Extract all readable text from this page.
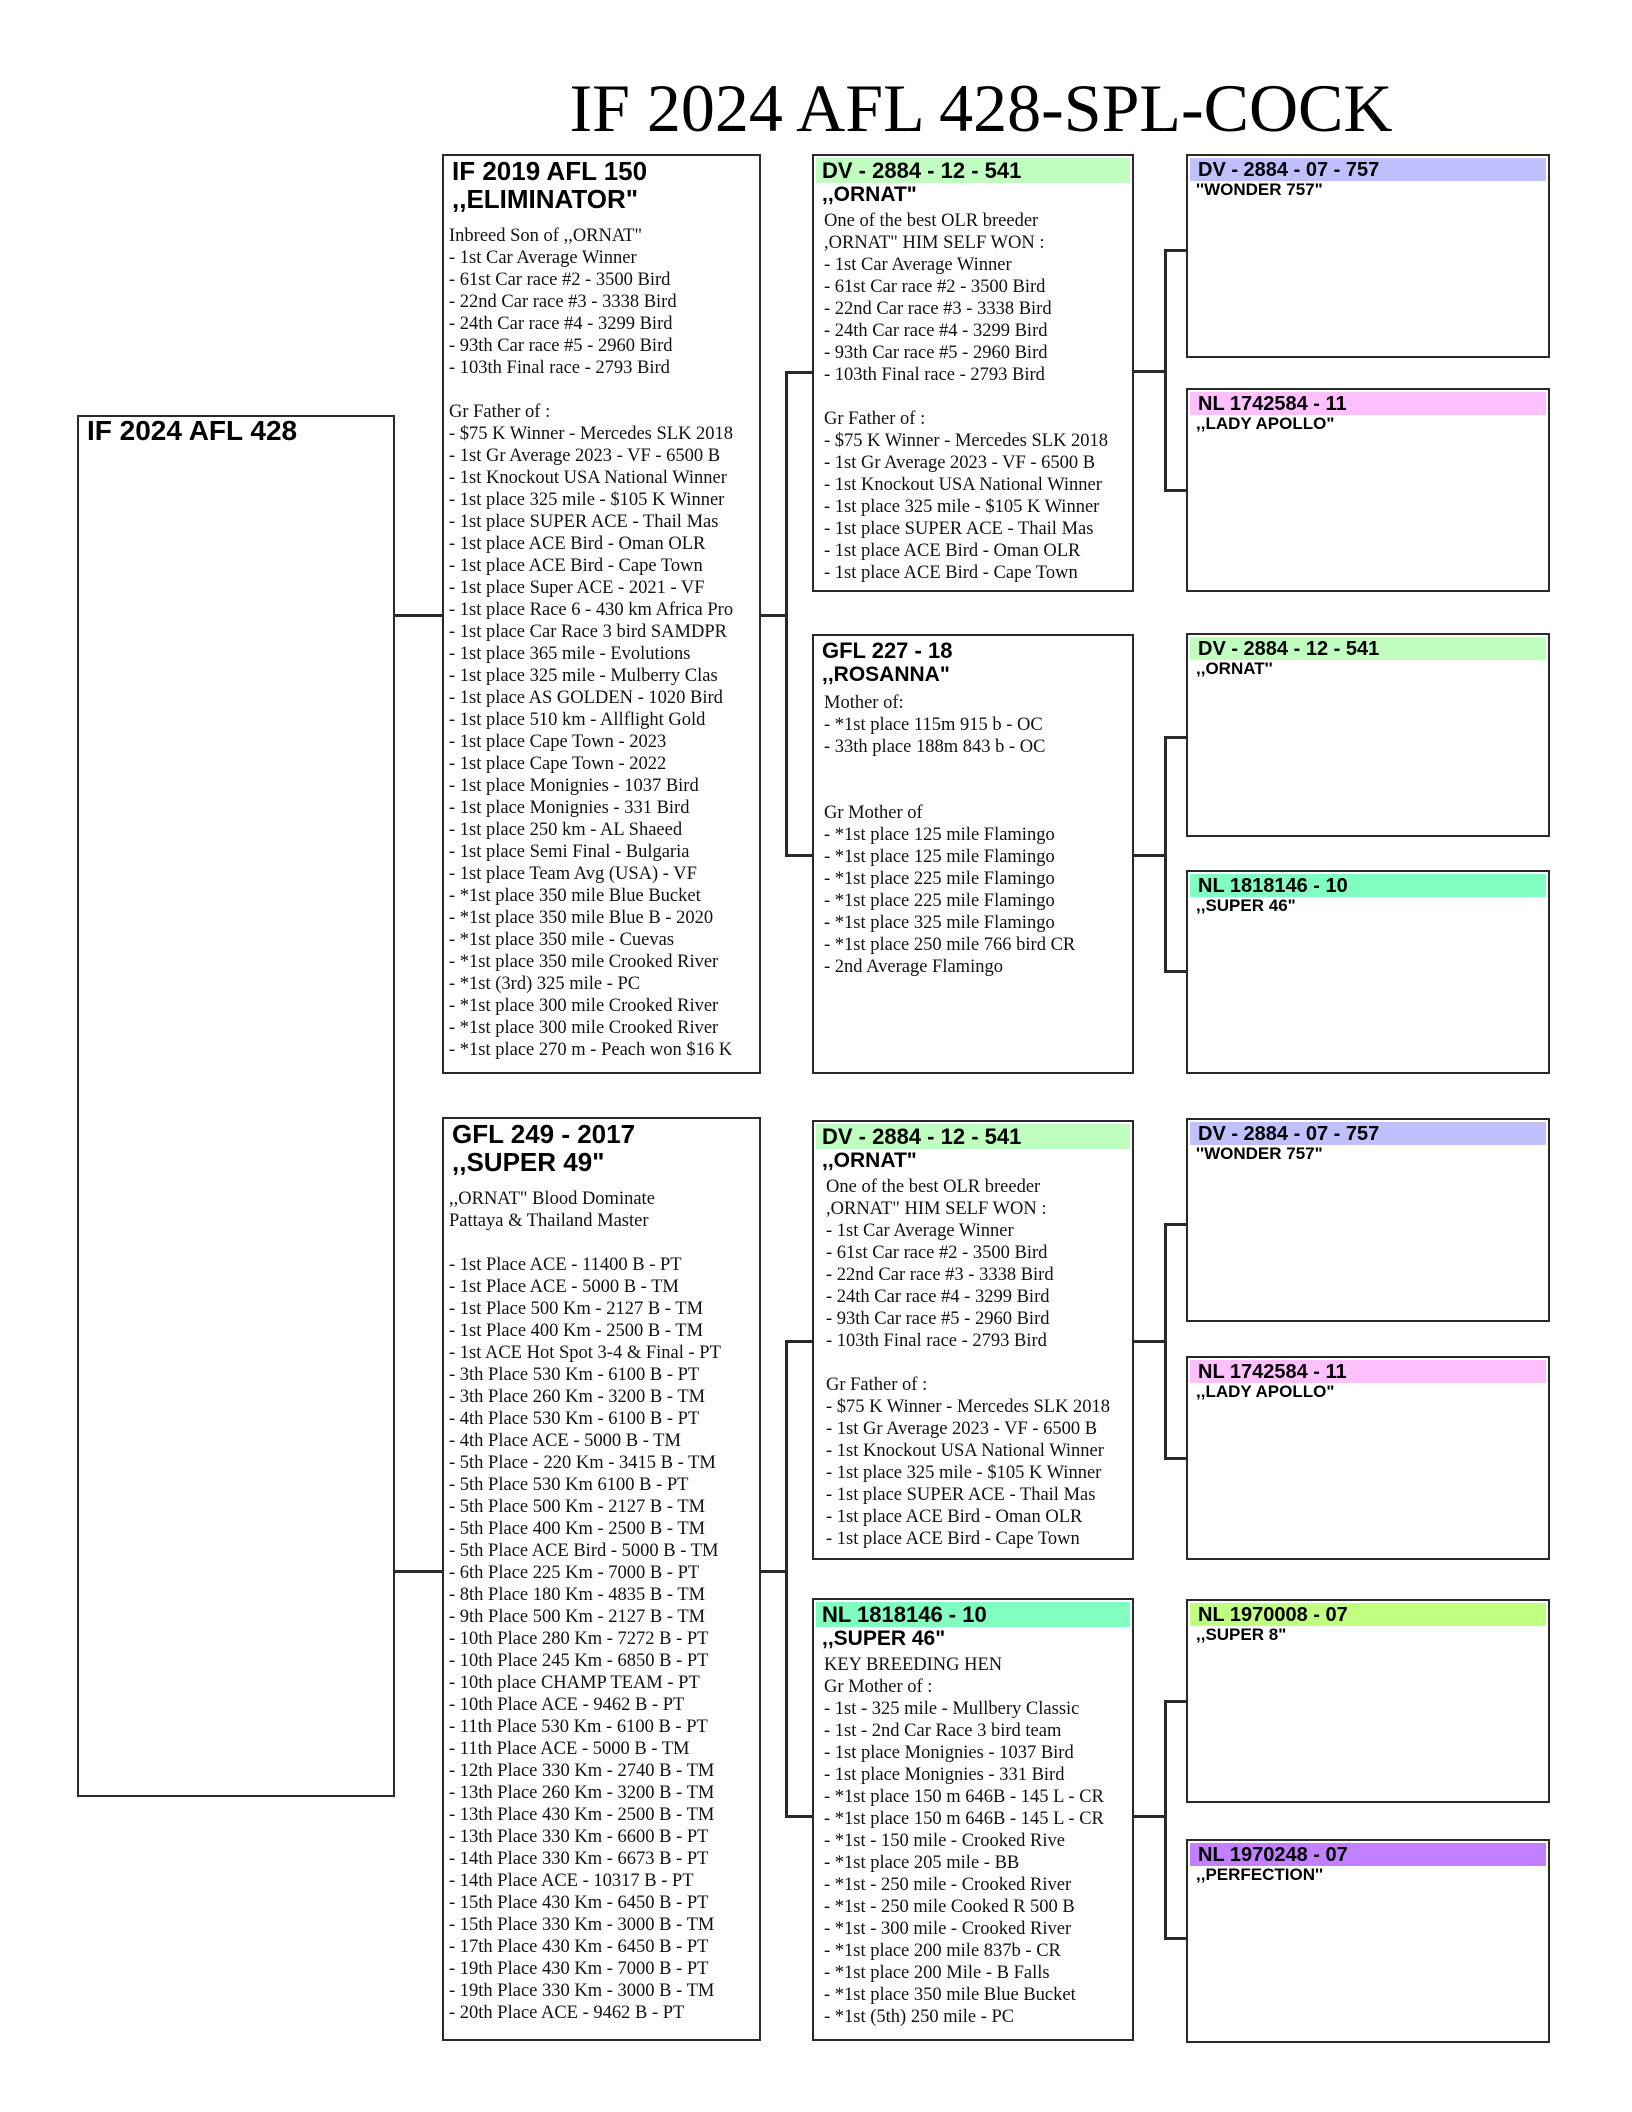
IF 2024 AFL 428-SPL-COCK
IF 2024 AFL 428
IF 2019 AFL 150
,,ELIMINATOR"
Inbreed Son of ,,ORNAT"
- 1st Car Average Winner
- 61st Car race #2 - 3500 Bird
- 22nd Car race #3 - 3338 Bird
- 24th Car race #4 - 3299 Bird
- 93th Car race #5 - 2960 Bird
- 103th Final race - 2793 Bird
Gr Father of :
- $75 K Winner - Mercedes SLK 2018
- 1st Gr Average 2023 - VF - 6500 B
- 1st Knockout USA National Winner
- 1st place 325 mile - $105 K Winner
- 1st place SUPER ACE - Thail Mas
- 1st place ACE Bird - Oman OLR
- 1st place ACE Bird - Cape Town
- 1st place Super ACE - 2021 - VF
- 1st place Race 6 - 430 km Africa Pro
- 1st place Car Race 3 bird SAMDPR
- 1st place 365 mile - Evolutions
- 1st place 325 mile - Mulberry Clas
- 1st place AS GOLDEN - 1020 Bird
- 1st place 510 km - Allflight Gold
- 1st place Cape Town - 2023
- 1st place Cape Town - 2022
- 1st place Monignies - 1037 Bird
- 1st place Monignies - 331 Bird
- 1st place 250 km - AL Shaeed
- 1st place Semi Final - Bulgaria
- 1st place Team Avg (USA) - VF
- *1st place 350 mile Blue Bucket
- *1st place 350 mile Blue B - 2020
- *1st place 350 mile - Cuevas
- *1st place 350 mile Crooked River
- *1st (3rd) 325 mile - PC
- *1st place 300 mile Crooked River
- *1st place 300 mile Crooked River
- *1st place 270 m - Peach won $16 K
GFL 249 - 2017
,,SUPER 49"
,,ORNAT" Blood Dominate
Pattaya & Thailand Master
- 1st Place ACE - 11400 B - PT
- 1st Place ACE - 5000 B - TM
- 1st Place 500 Km - 2127 B - TM
- 1st Place 400 Km - 2500 B - TM
- 1st ACE Hot Spot 3-4 & Final - PT
- 3th Place 530 Km - 6100 B - PT
- 3th Place 260 Km - 3200 B - TM
- 4th Place 530 Km - 6100 B - PT
- 4th Place ACE - 5000 B - TM
- 5th Place - 220 Km - 3415 B - TM
- 5th Place 530 Km 6100 B - PT
- 5th Place 500 Km - 2127 B - TM
- 5th Place 400 Km - 2500 B - TM
- 5th Place ACE Bird - 5000 B - TM
- 6th Place 225 Km - 7000 B - PT
- 8th Place 180 Km - 4835 B - TM
- 9th Place 500 Km - 2127 B - TM
- 10th Place 280 Km - 7272 B - PT
- 10th Place 245 Km - 6850 B - PT
- 10th place CHAMP TEAM - PT
- 10th Place ACE - 9462 B - PT
- 11th Place 530 Km - 6100 B - PT
- 11th Place ACE - 5000 B - TM
- 12th Place 330 Km - 2740 B - TM
- 13th Place 260 Km - 3200 B - TM
- 13th Place 430 Km - 2500 B - TM
- 13th Place 330 Km - 6600 B - PT
- 14th Place 330 Km - 6673 B - PT
- 14th Place ACE - 10317 B - PT
- 15th Place 430 Km - 6450 B - PT
- 15th Place 330 Km - 3000 B - TM
- 17th Place 430 Km - 6450 B - PT
- 19th Place 430 Km - 7000 B - PT
- 19th Place 330 Km - 3000 B - TM
- 20th Place ACE - 9462 B - PT
DV - 2884 - 12 - 541
,,ORNAT"
One of the best OLR breeder
,ORNAT" HIM SELF WON :
- 1st Car Average Winner
- 61st Car race #2 - 3500 Bird
- 22nd Car race #3 - 3338 Bird
- 24th Car race #4 - 3299 Bird
- 93th Car race #5 - 2960 Bird
- 103th Final race - 2793 Bird
Gr Father of :
- $75 K Winner - Mercedes SLK 2018
- 1st Gr Average 2023 - VF - 6500 B
- 1st Knockout USA National Winner
- 1st place 325 mile - $105 K Winner
- 1st place SUPER ACE - Thail Mas
- 1st place ACE Bird - Oman OLR
- 1st place ACE Bird - Cape Town
GFL 227 - 18
,,ROSANNA"
Mother of:
- *1st place 115m 915 b - OC
- 33th place 188m 843 b - OC
Gr Mother of
- *1st place 125 mile Flamingo
- *1st place 125 mile Flamingo
- *1st place 225 mile Flamingo
- *1st place 225 mile Flamingo
- *1st place 325 mile Flamingo
- *1st place 250 mile 766 bird CR
- 2nd Average Flamingo
DV - 2884 - 12 - 541
,,ORNAT"
One of the best OLR breeder
,ORNAT" HIM SELF WON :
- 1st Car Average Winner
- 61st Car race #2 - 3500 Bird
- 22nd Car race #3 - 3338 Bird
- 24th Car race #4 - 3299 Bird
- 93th Car race #5 - 2960 Bird
- 103th Final race - 2793 Bird
Gr Father of :
- $75 K Winner - Mercedes SLK 2018
- 1st Gr Average 2023 - VF - 6500 B
- 1st Knockout USA National Winner
- 1st place 325 mile - $105 K Winner
- 1st place SUPER ACE - Thail Mas
- 1st place ACE Bird - Oman OLR
- 1st place ACE Bird - Cape Town
NL 1818146 - 10
,,SUPER 46"
KEY BREEDING HEN
Gr Mother of :
- 1st - 325 mile - Mullbery Classic
- 1st - 2nd Car Race 3 bird team
- 1st place Monignies - 1037 Bird
- 1st place Monignies - 331 Bird
- *1st place 150 m 646B - 145 L - CR
- *1st place 150 m 646B - 145 L - CR
- *1st - 150 mile - Crooked Rive
- *1st place 205 mile - BB
- *1st - 250 mile - Crooked River
- *1st - 250 mile Cooked R 500 B
- *1st - 300 mile - Crooked River
- *1st place 200 mile 837b - CR
- *1st place 200 Mile - B Falls
- *1st place 350 mile Blue Bucket
- *1st (5th) 250 mile - PC
DV - 2884 - 07 - 757
''WONDER 757"
NL 1742584 - 11
,,LADY APOLLO"
DV - 2884 - 12 - 541
,,ORNAT''
NL 1818146 - 10
,,SUPER 46"
DV - 2884 - 07 - 757
''WONDER 757"
NL 1742584 - 11
,,LADY APOLLO"
NL 1970008 - 07
,,SUPER 8"
NL 1970248 - 07
,,PERFECTION''
